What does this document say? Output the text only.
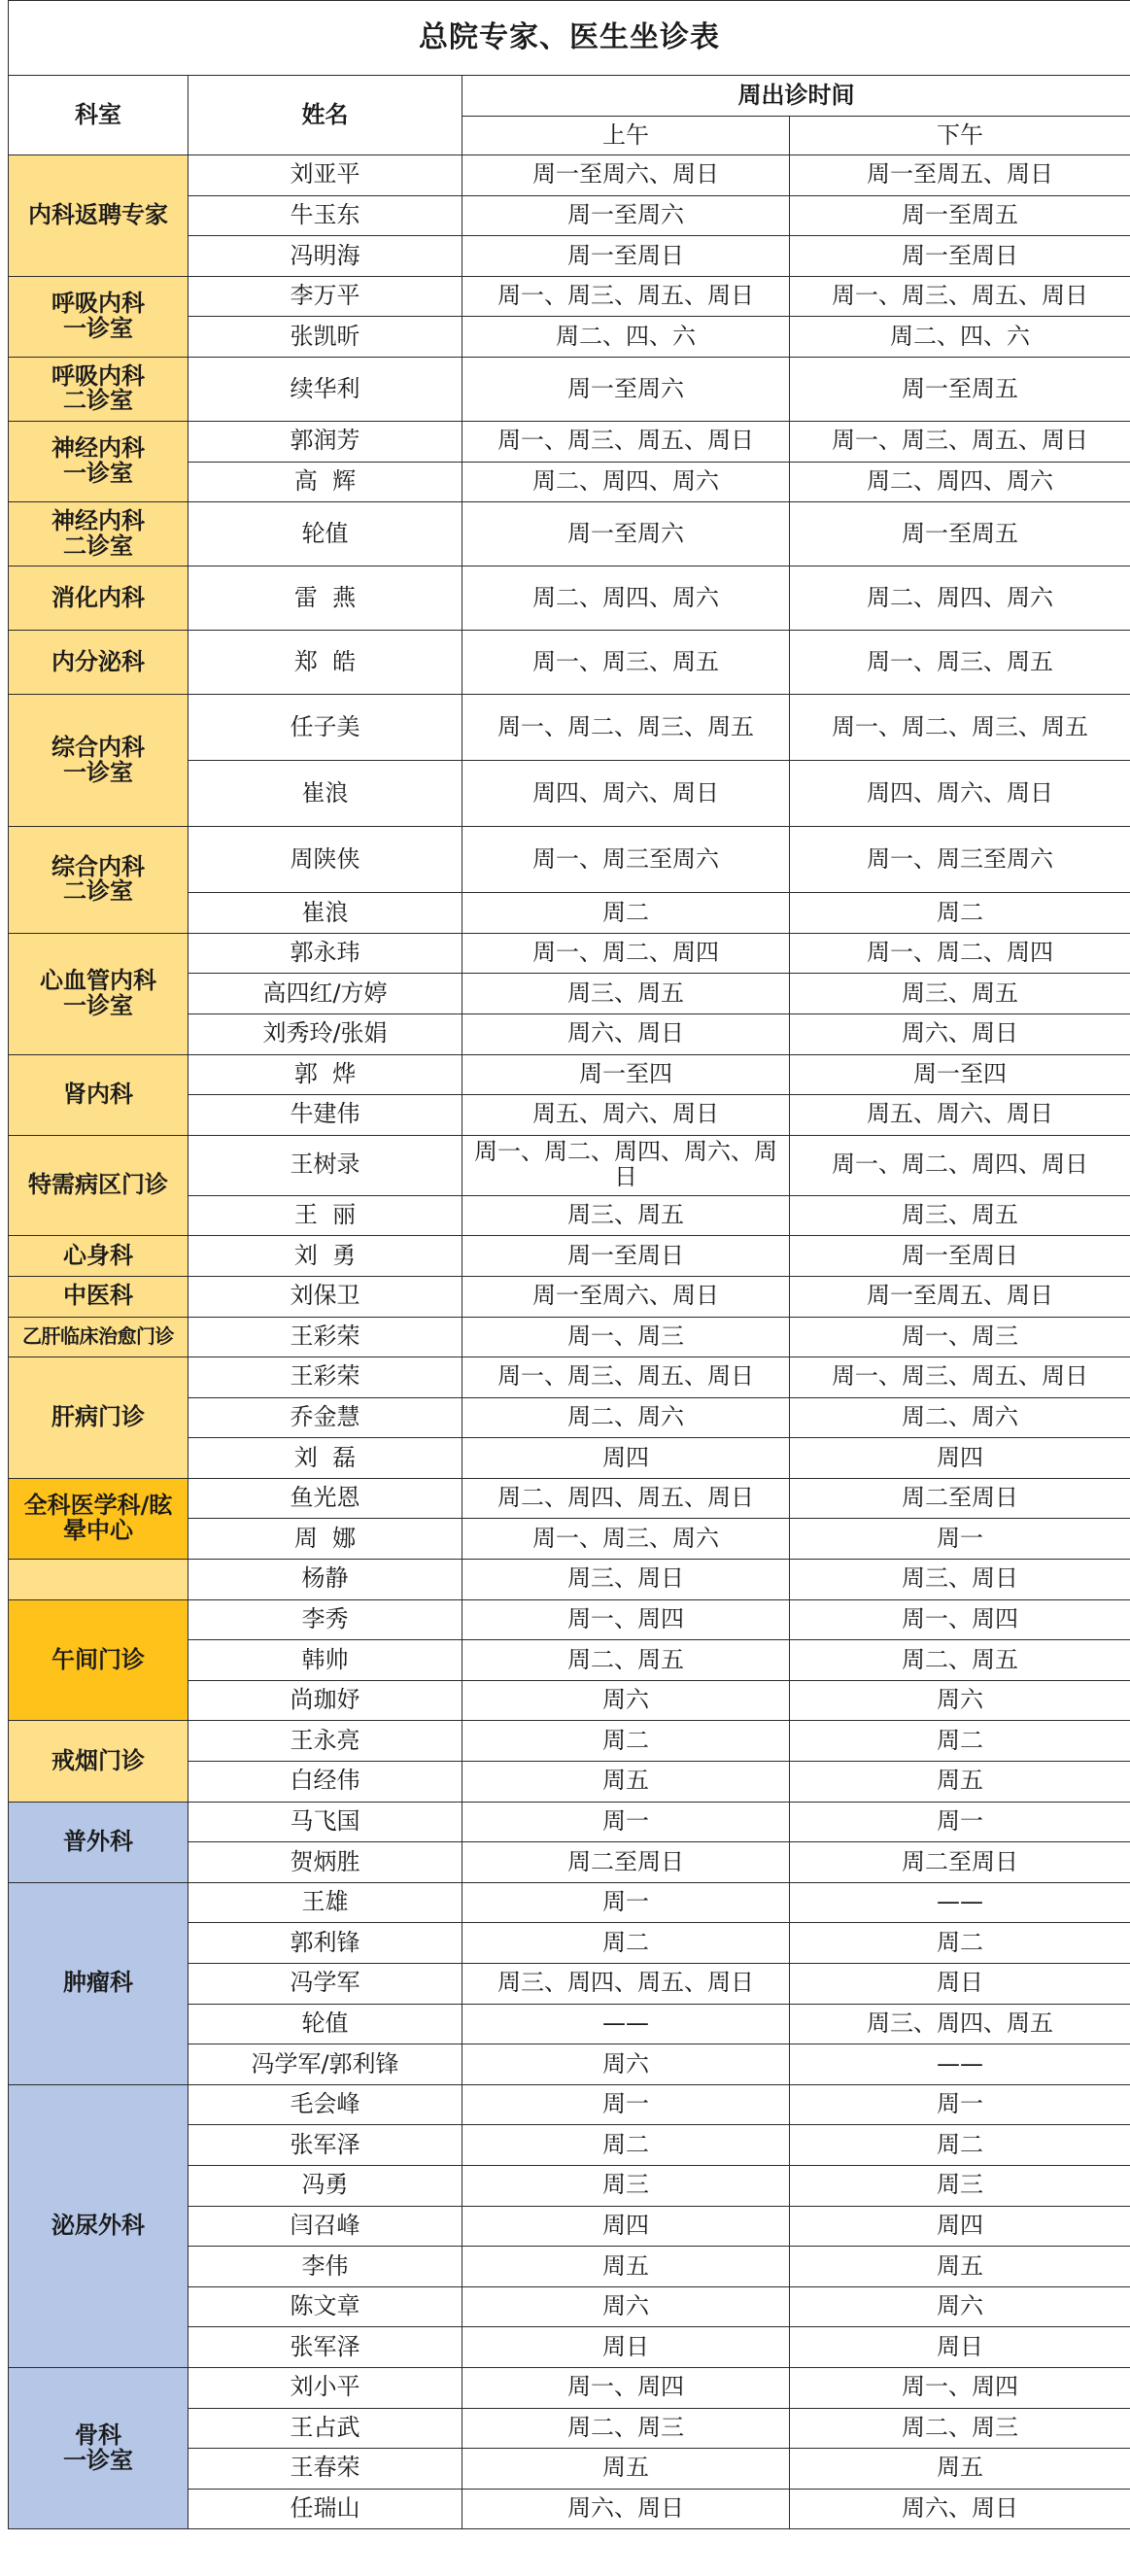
总院专家、医生坐诊表			
科室	姓名	周出诊时间	
		上午	下午
内科返聘专家	刘亚平	周一至周六、周日	周一至周五、周日
	牛玉东	周一至周六	周一至周五
	冯明海	周一至周日	周一至周日
呼吸内科
一诊室	李万平	周一、周三、周五、周日	周一、周三、周五、周日
	张凯昕	周二、四、六	周二、四、六
呼吸内科
二诊室	续华利	周一至周六	周一至周五
神经内科
一诊室	郭润芳	周一、周三、周五、周日	周一、周三、周五、周日
	高  辉	周二、周四、周六	周二、周四、周六
神经内科
二诊室	轮值	周一至周六	周一至周五
消化内科	雷  燕	周二、周四、周六	周二、周四、周六
内分泌科	郑  皓	周一、周三、周五	周一、周三、周五
综合内科
一诊室	任子美	周一、周二、周三、周五	周一、周二、周三、周五
	崔浪	周四、周六、周日	周四、周六、周日
综合内科
二诊室	周陕侠	周一、周三至周六	周一、周三至周六
	崔浪	周二	周二
心血管内科
一诊室	郭永玮	周一、周二、周四	周一、周二、周四
	高四红/方婷	周三、周五	周三、周五
	刘秀玲/张娟	周六、周日	周六、周日
肾内科	郭  烨	周一至四	周一至四
	牛建伟	周五、周六、周日	周五、周六、周日
特需病区门诊	王树录	周一、周二、周四、周六、周日	周一、周二、周四、周日
	王  丽	周三、周五	周三、周五
心身科	刘  勇	周一至周日	周一至周日
中医科	刘保卫	周一至周六、周日	周一至周五、周日
乙肝临床治愈门诊	王彩荣	周一、周三	周一、周三
肝病门诊	王彩荣	周一、周三、周五、周日	周一、周三、周五、周日
	乔金慧	周二、周六	周二、周六
	刘  磊	周四	周四
全科医学科/眩
晕中心	鱼光恩	周二、周四、周五、周日	周二至周日
	周  娜	周一、周三、周六	周一
	杨静	周三、周日	周三、周日
午间门诊	李秀	周一、周四	周一、周四
	韩帅	周二、周五	周二、周五
	尚珈妤	周六	周六
戒烟门诊	王永亮	周二	周二
	白经伟	周五	周五
普外科	马飞国	周一	周一
	贺炳胜	周二至周日	周二至周日
肿瘤科	王雄	周一	——
	郭利锋	周二	周二
	冯学军	周三、周四、周五、周日	周日
	轮值	——	周三、周四、周五
	冯学军/郭利锋	周六	——
泌尿外科	毛会峰	周一	周一
	张军泽	周二	周二
	冯勇	周三	周三
	闫召峰	周四	周四
	李伟	周五	周五
	陈文章	周六	周六
	张军泽	周日	周日
骨科
一诊室	刘小平	周一、周四	周一、周四
	王占武	周二、周三	周二、周三
	王春荣	周五	周五
	任瑞山	周六、周日	周六、周日
